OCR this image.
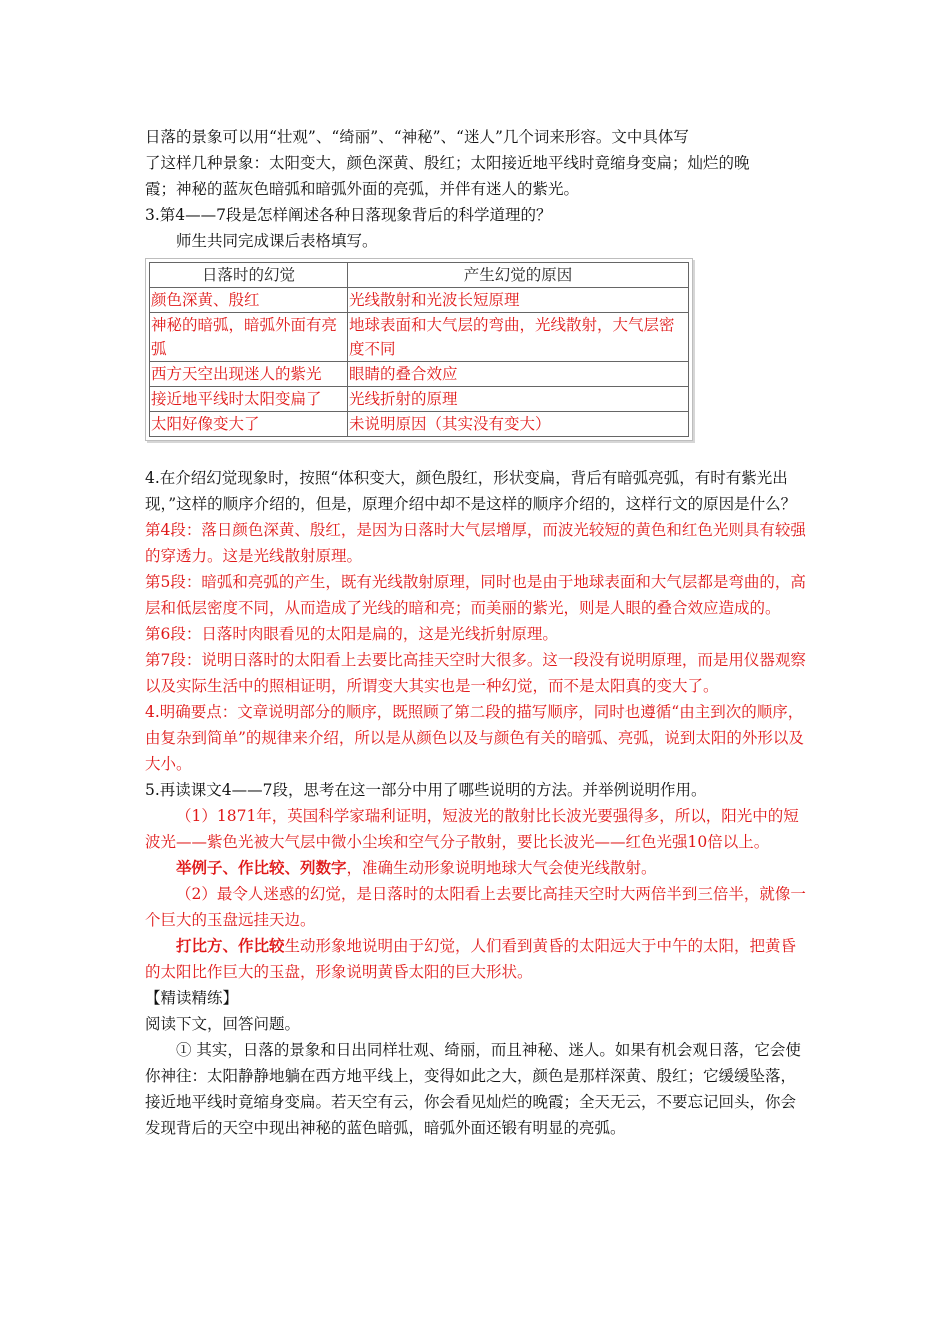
日落的景象可以用“壮观”、“绮丽”、“神秘”、“迷人”几个词来形容。文中具体写

了这样几种景象：太阳变大，颜色深黄、殷红；太阳接近地平线时竟缩身变扁；灿烂的晚

霞；神秘的蓝灰色暗弧和暗弧外面的亮弧，并伴有迷人的紫光。

3.第4——7段是怎样阐述各种日落现象背后的科学道理的？

师生共同完成课后表格填写。

日落时的幻觉	产生幻觉的原因
颜色深黄、殷红	光线散射和光波长短原理
神秘的暗弧，暗弧外面有亮弧	地球表面和大气层的弯曲，光线散射，大气层密度不同
西方天空出现迷人的紫光	眼睛的叠合效应
接近地平线时太阳变扁了	光线折射的原理
太阳好像变大了	未说明原因（其实没有变大）

4.在介绍幻觉现象时，按照“体积变大，颜色殷红，形状变扁，背后有暗弧亮弧，有时有紫光出现，”这样的顺序介绍的，但是，原理介绍中却不是这样的顺序介绍的，这样行文的原因是什么？

第4段：落日颜色深黄、殷红，是因为日落时大气层增厚，而波光较短的黄色和红色光则具有较强的穿透力。这是光线散射原理。

第5段：暗弧和亮弧的产生，既有光线散射原理，同时也是由于地球表面和大气层都是弯曲的，高层和低层密度不同，从而造成了光线的暗和亮；而美丽的紫光，则是人眼的叠合效应造成的。

第6段：日落时肉眼看见的太阳是扁的，这是光线折射原理。

第7段：说明日落时的太阳看上去要比高挂天空时大很多。这一段没有说明原理，而是用仪器观察以及实际生活中的照相证明，所谓变大其实也是一种幻觉，而不是太阳真的变大了。

4.明确要点：文章说明部分的顺序，既照顾了第二段的描写顺序，同时也遵循“由主到次的顺序，由复杂到简单”的规律来介绍，所以是从颜色以及与颜色有关的暗弧、亮弧，说到太阳的外形以及大小。

5.再读课文4——7段，思考在这一部分中用了哪些说明的方法。并举例说明作用。

（1）1871年，英国科学家瑞利证明，短波光的散射比长波光要强得多，所以，阳光中的短波光——紫色光被大气层中微小尘埃和空气分子散射，要比长波光——红色光强10倍以上。

举例子、作比较、列数字，准确生动形象说明地球大气会使光线散射。

（2）最令人迷惑的幻觉，是日落时的太阳看上去要比高挂天空时大两倍半到三倍半，就像一个巨大的玉盘远挂天边。

打比方、作比较生动形象地说明由于幻觉，人们看到黄昏的太阳远大于中午的太阳，把黄昏的太阳比作巨大的玉盘，形象说明黄昏太阳的巨大形状。

【精读精练】

阅读下文，回答问题。

① 其实，日落的景象和日出同样壮观、绮丽，而且神秘、迷人。如果有机会观日落，它会使你神往：太阳静静地躺在西方地平线上，变得如此之大，颜色是那样深黄、殷红；它缓缓坠落，接近地平线时竟缩身变扁。若天空有云，你会看见灿烂的晚霞；全天无云，不要忘记回头，你会发现背后的天空中现出神秘的蓝色暗弧，暗弧外面还锻有明显的亮弧。
